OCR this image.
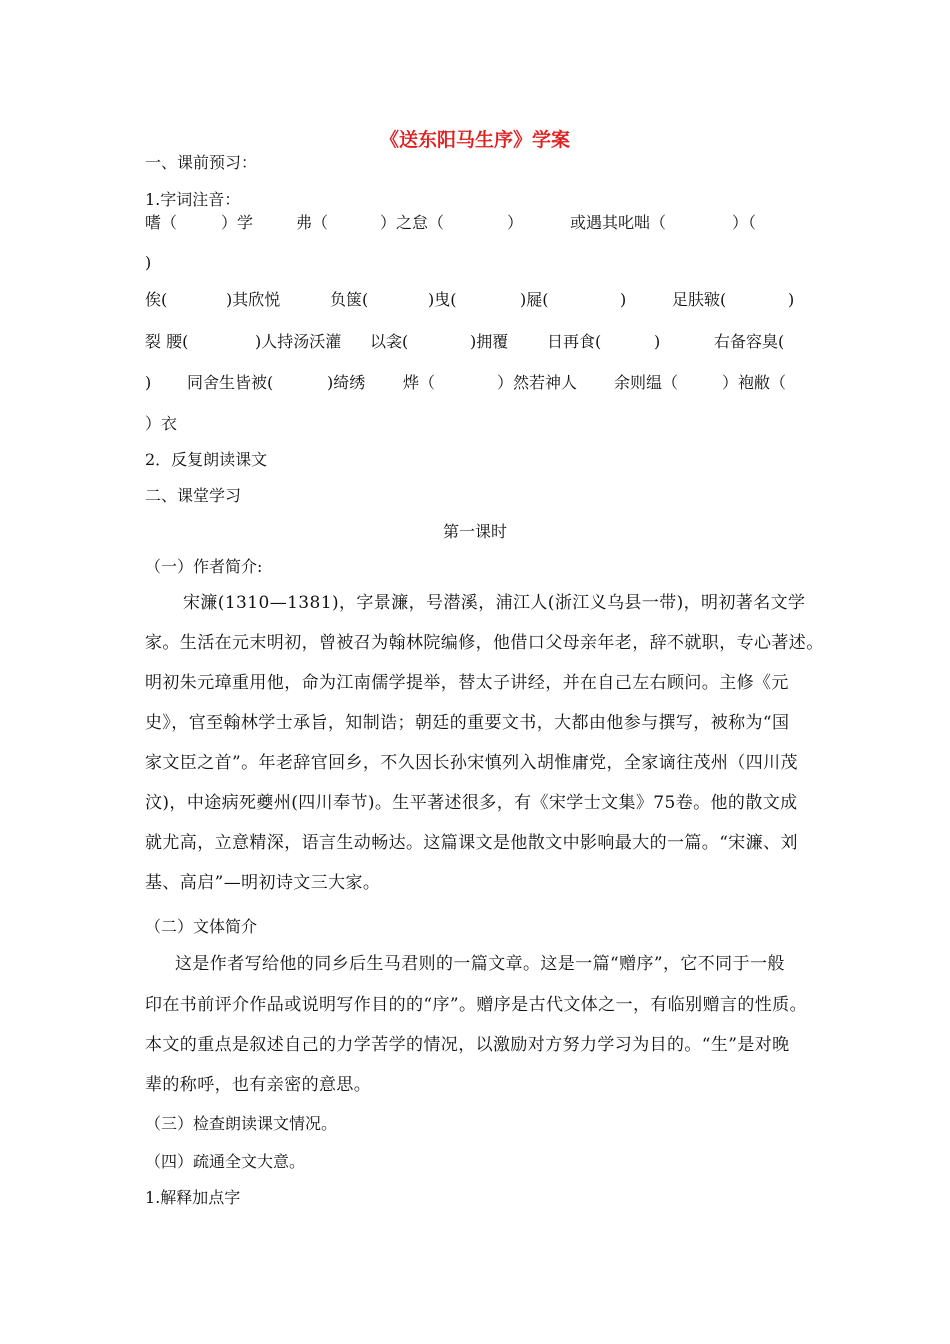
《送东阳马生序》学案
一、课前预习：
1.字词注音：
嗜（	）学	弗（	）之怠（	）	或遇其叱咄（	）（
)
俟(	)其欣悦	负箧(	)曳(	)屣(	)	足肤皲(	)
裂 腰(	)人持汤沃灌 以衾(	)拥覆 日再食(	)	右备容臭(
) 同舍生皆被(	)绮绣 烨（	）然若神人 余则缊（	）袍敝（
）衣
2．反复朗读课文
二、课堂学习
第一课时
（一）作者简介:
宋濂(1310—1381)，字景濂，号潜溪，浦江人(浙江义乌县一带)，明初著名文学
家。生活在元末明初，曾被召为翰林院编修，他借口父母亲年老，辞不就职，专心著述。
明初朱元璋重用他，命为江南儒学提举，替太子讲经，并在自己左右顾问。主修《元
史》，官至翰林学士承旨，知制诰；朝廷的重要文书，大都由他参与撰写，被称为“国
家文臣之首”。年老辞官回乡，不久因长孙宋慎列入胡惟庸党，全家谪往茂州（四川茂
汶)，中途病死夔州(四川奉节)。生平著述很多，有《宋学士文集》75卷。他的散文成
就尤高，立意精深，语言生动畅达。这篇课文是他散文中影响最大的一篇。“宋濂、刘
基、高启”—明初诗文三大家。
（二）文体简介
这是作者写给他的同乡后生马君则的一篇文章。这是一篇“赠序”，它不同于一般
印在书前评介作品或说明写作目的的“序”。赠序是古代文体之一，有临别赠言的性质。
本文的重点是叙述自己的力学苦学的情况，以激励对方努力学习为目的。“生”是对晚
辈的称呼，也有亲密的意思。
（三）检查朗读课文情况。
（四）疏通全文大意。
1.解释加点字
